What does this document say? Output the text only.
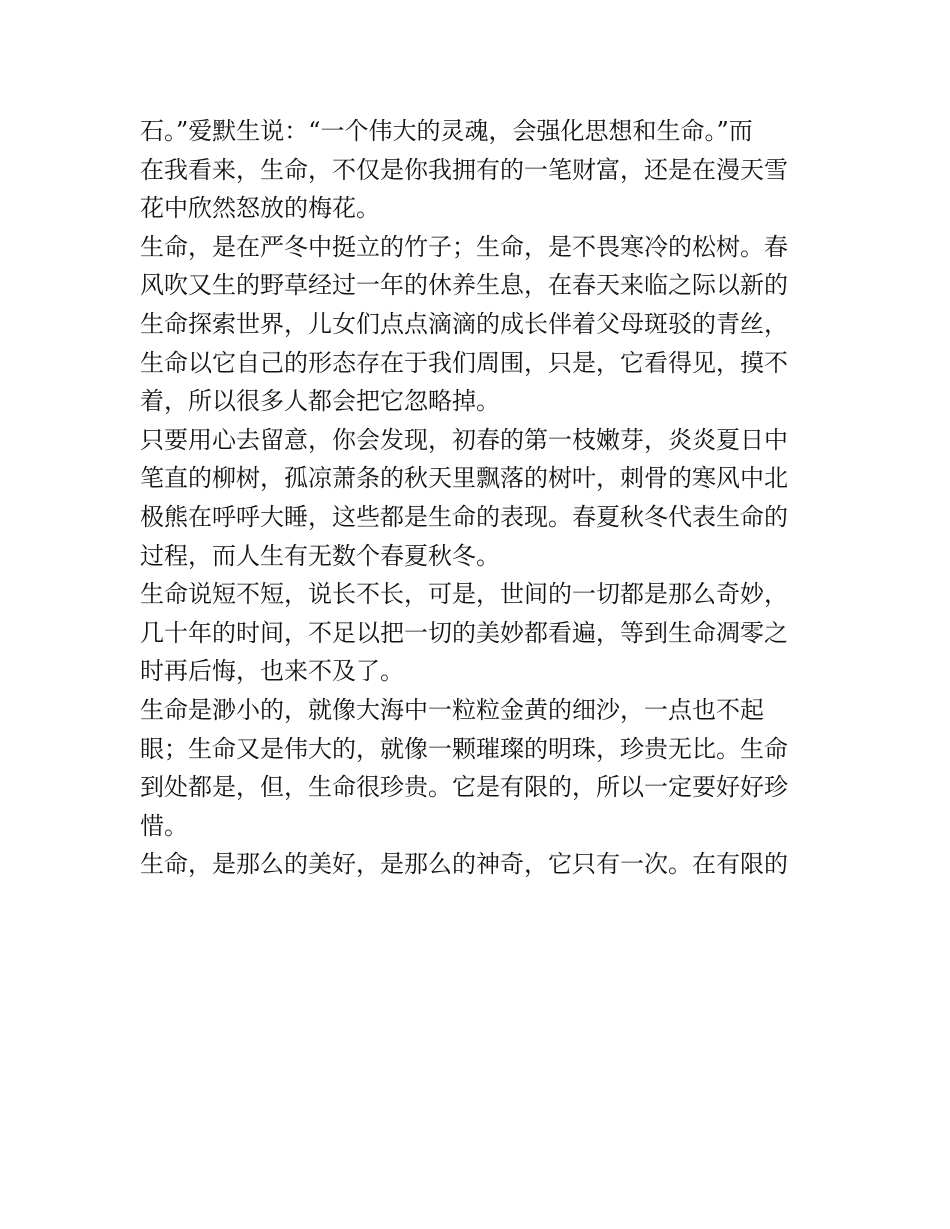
石。”爱默生说：“一个伟大的灵魂，会强化思想和生命。”而
在我看来，生命，不仅是你我拥有的一笔财富，还是在漫天雪
花中欣然怒放的梅花。
生命，是在严冬中挺立的竹子；生命，是不畏寒冷的松树。春
风吹又生的野草经过一年的休养生息，在春天来临之际以新的
生命探索世界，儿女们点点滴滴的成长伴着父母斑驳的青丝，
生命以它自己的形态存在于我们周围，只是，它看得见，摸不
着，所以很多人都会把它忽略掉。
只要用心去留意，你会发现，初春的第一枝嫩芽，炎炎夏日中
笔直的柳树，孤凉萧条的秋天里飘落的树叶，刺骨的寒风中北
极熊在呼呼大睡，这些都是生命的表现。春夏秋冬代表生命的
过程，而人生有无数个春夏秋冬。
生命说短不短，说长不长，可是，世间的一切都是那么奇妙，
几十年的时间，不足以把一切的美妙都看遍，等到生命凋零之
时再后悔，也来不及了。
生命是渺小的，就像大海中一粒粒金黄的细沙，一点也不起
眼；生命又是伟大的，就像一颗璀璨的明珠，珍贵无比。生命
到处都是，但，生命很珍贵。它是有限的，所以一定要好好珍
惜。
生命，是那么的美好，是那么的神奇，它只有一次。在有限的
